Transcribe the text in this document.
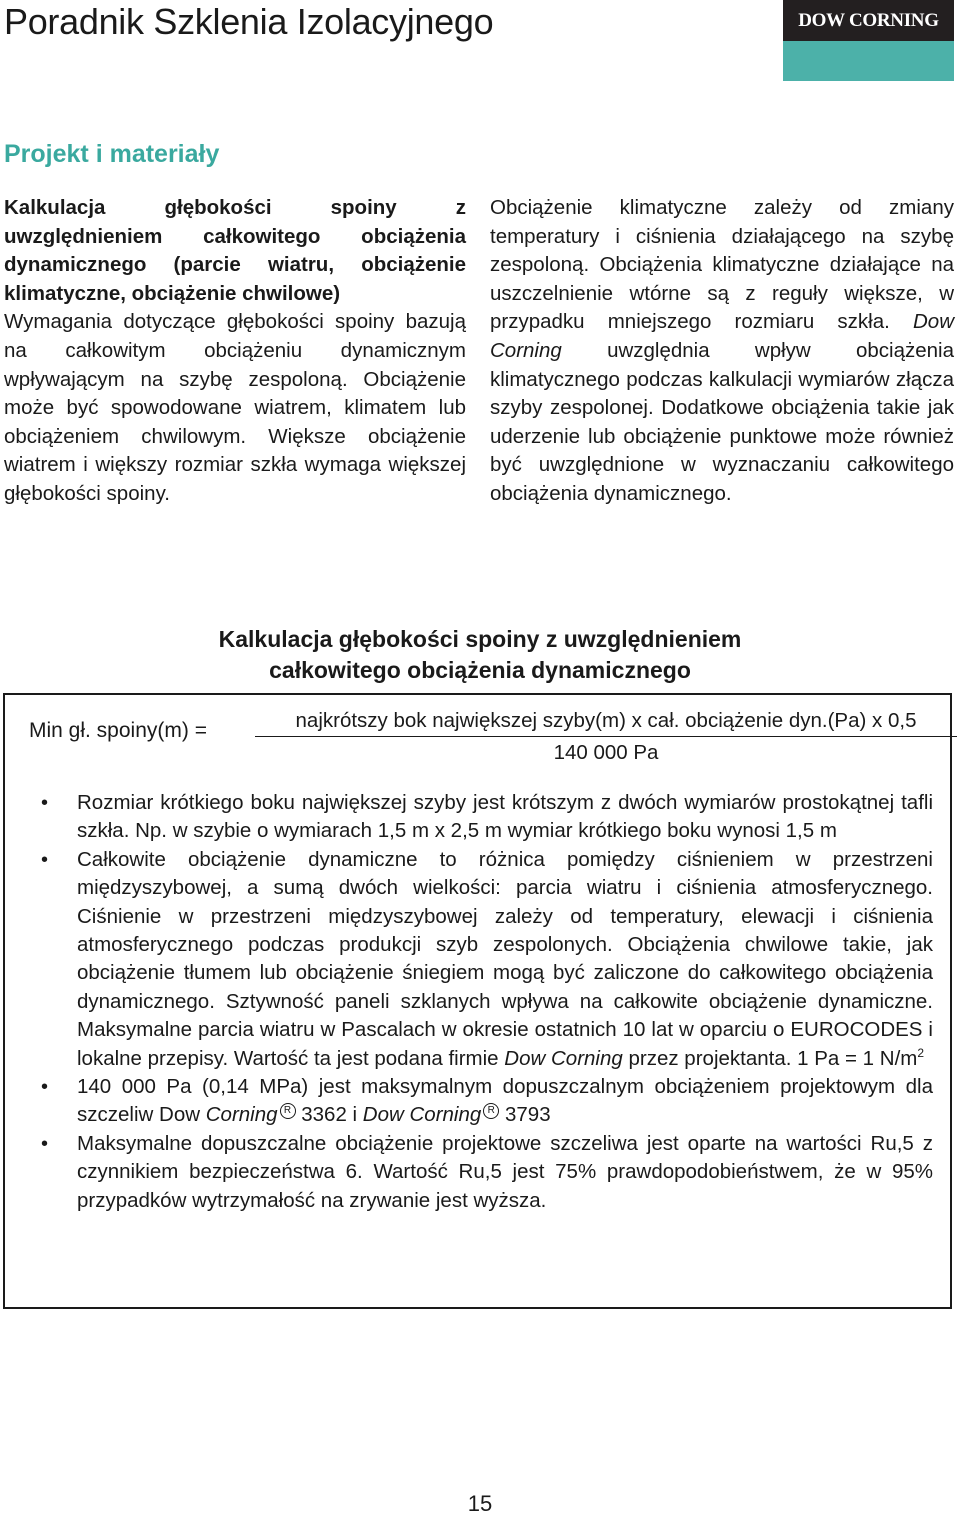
Poradnik Szklenia Izolacyjnego	DOW CORNING
Projekt i materiały
Kalkulacja głębokości spoiny z uwzględnieniem całkowitego obciążenia dynamicznego (parcie wiatru, obciążenie klimatyczne, obciążenie chwilowe)
Wymagania dotyczące głębokości spoiny bazują na całkowitym obciążeniu dynamicznym wpływającym na szybę zespoloną. Obciążenie może być spowodowane wiatrem, klimatem lub obciążeniem chwilowym. Większe obciążenie wiatrem i większy rozmiar szkła wymaga większej głębokości spoiny.

Obciążenie klimatyczne zależy od zmiany temperatury i ciśnienia działającego na szybę zespoloną. Obciążenia klimatyczne działające na uszczelnienie wtórne są z reguły większe, w przypadku mniejszego rozmiaru szkła. Dow Corning uwzględnia wpływ obciążenia klimatycznego podczas kalkulacji wymiarów złącza szyby zespolonej. Dodatkowe obciążenia takie jak uderzenie lub obciążenie punktowe może również być uwzględnione w wyznaczaniu całkowitego obciążenia dynamicznego.

Kalkulacja głębokości spoiny z uwzględnieniem
całkowitego obciążenia dynamicznego
Min gł. spoiny(m) =	najkrótszy bok największej szyby(m) x cał. obciążenie dyn.(Pa) x 0,5
140 000 Pa
• Rozmiar krótkiego boku największej szyby jest krótszym z dwóch wymiarów prostokątnej tafli szkła. Np. w szybie o wymiarach 1,5 m x 2,5 m wymiar krótkiego boku wynosi 1,5 m
• Całkowite obciążenie dynamiczne to różnica pomiędzy ciśnieniem w przestrzeni międzyszybowej, a sumą dwóch wielkości: parcia wiatru i ciśnienia atmosferycznego. Ciśnienie w przestrzeni międzyszybowej zależy od temperatury, elewacji i ciśnienia atmosferycznego podczas produkcji szyb zespolonych. Obciążenia chwilowe takie, jak obciążenie tłumem lub obciążenie śniegiem mogą być zaliczone do całkowitego obciążenia dynamicznego. Sztywność paneli szklanych wpływa na całkowite obciążenie dynamiczne. Maksymalne parcia wiatru w Pascalach w okresie ostatnich 10 lat w oparciu o EUROCODES i lokalne przepisy. Wartość ta jest podana firmie Dow Corning przez projektanta. 1 Pa = 1 $N/m^2$
• 140 000 Pa (0,14 MPa) jest maksymalnym dopuszczalnym obciążeniem projektowym dla szczeliw Dow Corning R 3362 i Dow Corning R 3793
• Maksymalne dopuszczalne obciążenie projektowe szczeliwa jest oparte na wartości Ru,5 z czynnikiem bezpieczeństwa 6. Wartość Ru,5 jest 75% prawdopodobieństwem, że w 95% przypadków wytrzymałość na zrywanie jest wyższa.
15
